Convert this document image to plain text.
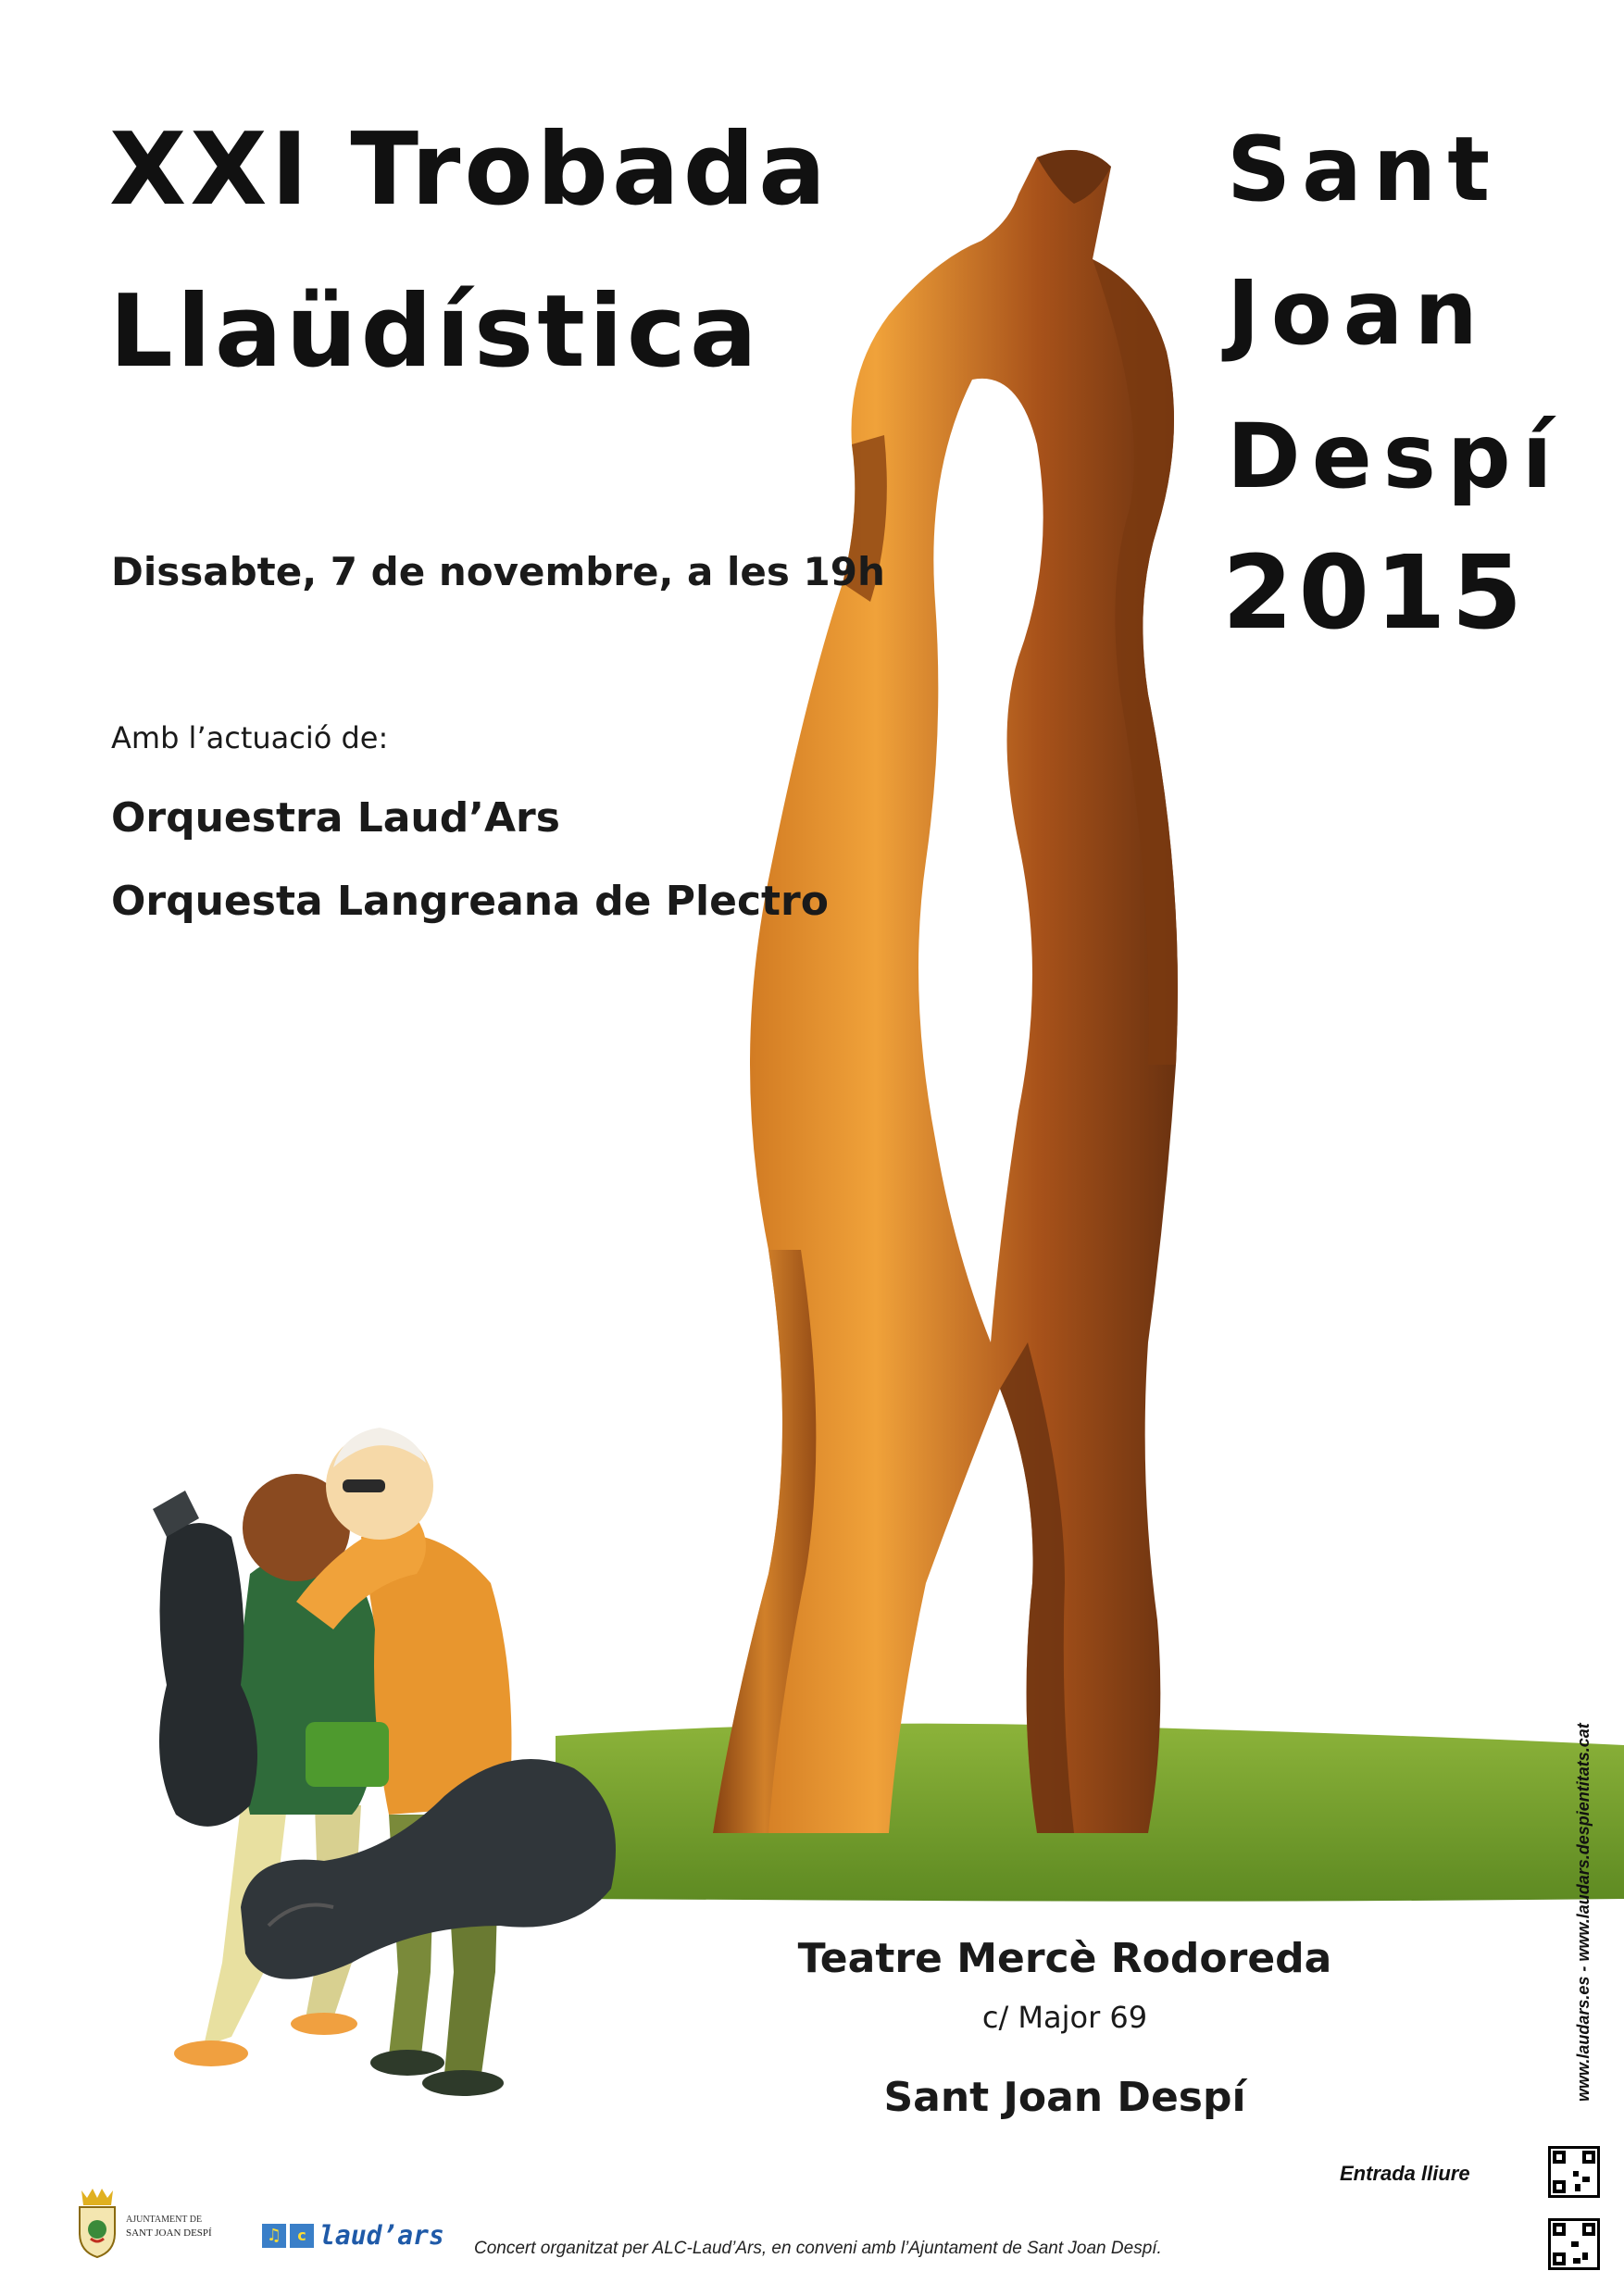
XXI Trobada
Llaüdística
Sant
Joan
Despí
2015
Dissabte, 7 de novembre, a les 19h
Amb l’actuació de:
Orquestra Laud’Ars
Orquesta Langreana de Plectro
Teatre Mercè Rodoreda
c/ Major 69
Sant Joan Despí
Entrada lliure
www.laudars.es - www.laudars.despientitats.cat
AJUNTAMENT DE
SANT JOAN DESPÍ	♫	c laud’ars Concert organitzat per ALC-Laud’Ars, en conveni amb l’Ajuntament de Sant Joan Despí.
